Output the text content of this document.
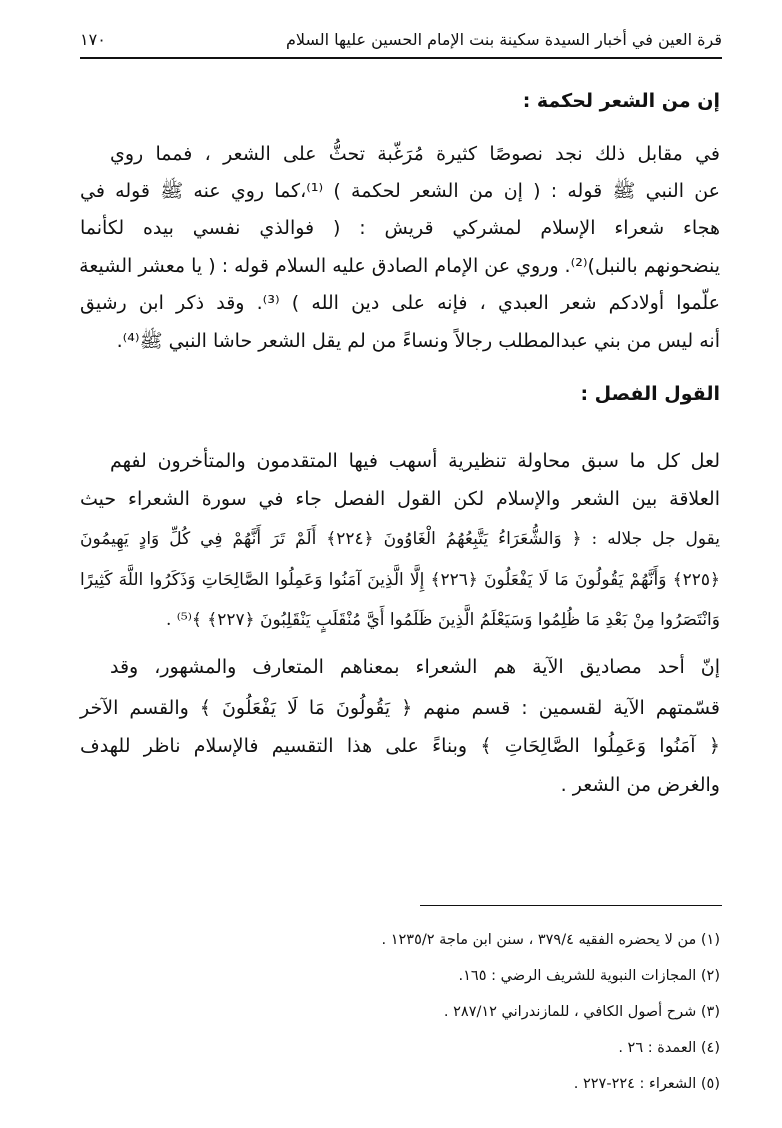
قرة العين في أخبار السيدة سكينة بنت الإمام الحسين عليها السلام
١٧٠
إن من الشعر لحكمة :
في مقابل ذلك نجد نصوصًا كثيرة مُرَغّبة تحثُّ على الشعر ، فمما روي
عن النبي ﷺ قوله : ( إن من الشعر لحكمة ) ⁽¹⁾،كما روي عنه ﷺ قوله في
هجاء شعراء الإسلام لمشركي قريش : ( فوالذي نفسي بيده لكأنما
ينضحونهم بالنبل)⁽²⁾. وروي عن الإمام الصادق عليه السلام قوله : ( يا معشر الشيعة
علّموا أولادكم شعر العبدي ، فإنه على دين الله ) ⁽³⁾. وقد ذكر ابن رشيق
أنه ليس من بني عبدالمطلب رجالاً ونساءً من لم يقل الشعر حاشا النبي ﷺ⁽⁴⁾.
القول الفصل :
لعل كل ما سبق محاولة تنظيرية أسهب فيها المتقدمون والمتأخرون لفهم
العلاقة بين الشعر والإسلام لكن القول الفصل جاء في سورة الشعراء حيث
يقول جل جلاله : ﴿ وَالشُّعَرَاءُ يَتَّبِعُهُمُ الْغَاوُونَ ﴿٢٢٤﴾ أَلَمْ تَرَ أَنَّهُمْ فِي كُلِّ وَادٍ يَهِيمُونَ
﴿٢٢٥﴾ وَأَنَّهُمْ يَقُولُونَ مَا لَا يَفْعَلُونَ ﴿٢٢٦﴾ إِلَّا الَّذِينَ آمَنُوا وَعَمِلُوا الصَّالِحَاتِ وَذَكَرُوا اللَّهَ كَثِيرًا
وَانْتَصَرُوا مِنْ بَعْدِ مَا ظُلِمُوا وَسَيَعْلَمُ الَّذِينَ ظَلَمُوا أَيَّ مُنْقَلَبٍ يَنْقَلِبُونَ ﴿٢٢٧﴾ ﴾⁽⁵⁾ .
إنّ أحد مصاديق الآية هم الشعراء بمعناهم المتعارف والمشهور، وقد
قسّمتهم الآية لقسمين : قسم منهم ﴿ يَقُولُونَ مَا لَا يَفْعَلُونَ ﴾ والقسم الآخر
﴿ آمَنُوا وَعَمِلُوا الصَّالِحَاتِ ﴾ وبناءً على هذا التقسيم فالإسلام ناظر للهدف
والغرض من الشعر .
(١) من لا يحضره الفقيه ٣٧٩/٤ ، سنن ابن ماجة ١٢٣٥/٢ .
(٢) المجازات النبوية للشريف الرضي : ١٦٥.
(٣) شرح أصول الكافي ، للمازندراني ٢٨٧/١٢ .
(٤) العمدة : ٢٦ .
(٥) الشعراء : ٢٢٤-٢٢٧ .
